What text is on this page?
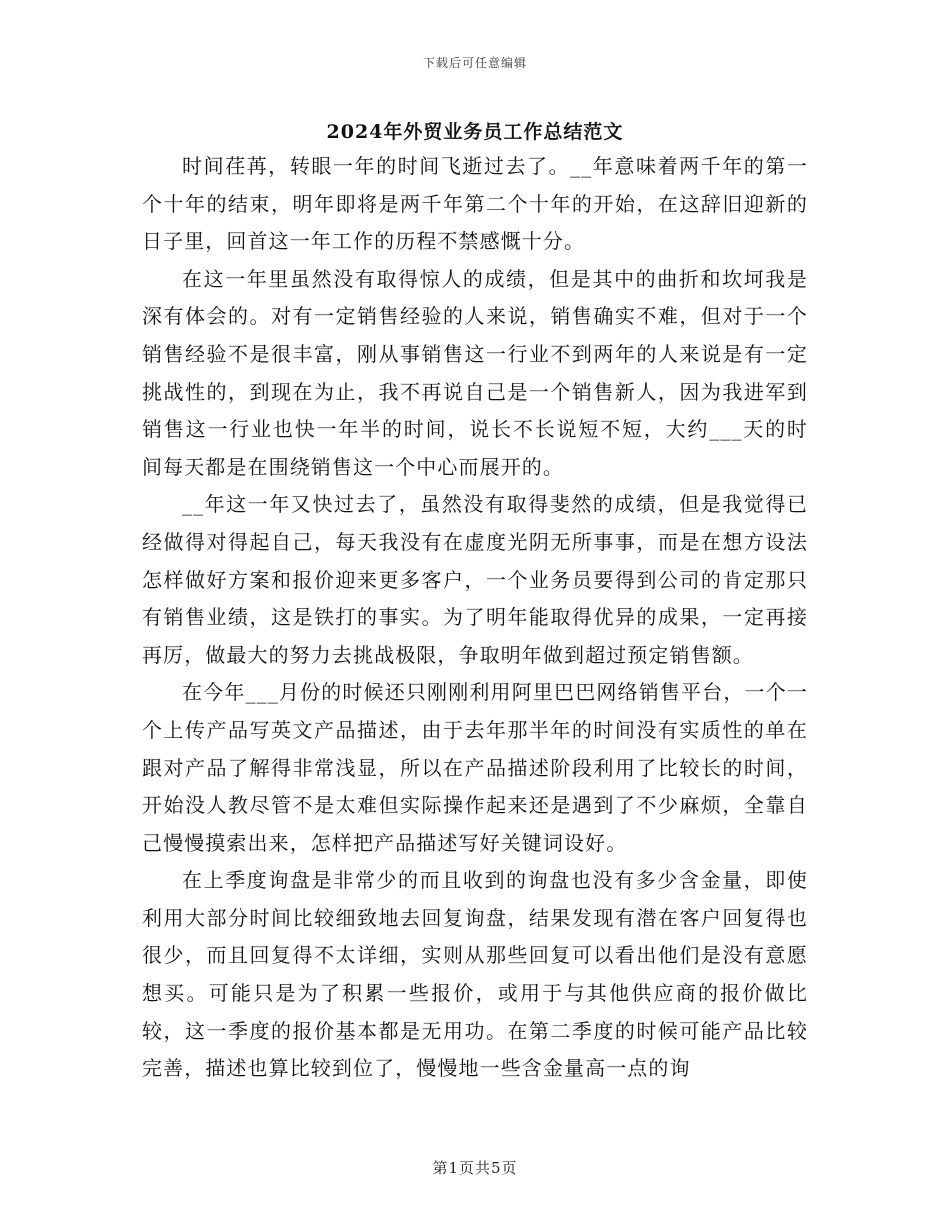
下载后可任意编辑
2024年外贸业务员工作总结范文

时间荏苒，转眼一年的时间飞逝过去了。__年意味着两千年的第一个十年的结束，明年即将是两千年第二个十年的开始，在这辞旧迎新的日子里，回首这一年工作的历程不禁感慨十分。

在这一年里虽然没有取得惊人的成绩，但是其中的曲折和坎坷我是深有体会的。对有一定销售经验的人来说，销售确实不难，但对于一个销售经验不是很丰富，刚从事销售这一行业不到两年的人来说是有一定挑战性的，到现在为止，我不再说自己是一个销售新人，因为我进军到销售这一行业也快一年半的时间，说长不长说短不短，大约___天的时间每天都是在围绕销售这一个中心而展开的。

__年这一年又快过去了，虽然没有取得斐然的成绩，但是我觉得已经做得对得起自己，每天我没有在虚度光阴无所事事，而是在想方设法怎样做好方案和报价迎来更多客户，一个业务员要得到公司的肯定那只有销售业绩，这是铁打的事实。为了明年能取得优异的成果，一定再接再厉，做最大的努力去挑战极限，争取明年做到超过预定销售额。

在今年___月份的时候还只刚刚利用阿里巴巴网络销售平台，一个一个上传产品写英文产品描述，由于去年那半年的时间没有实质性的单在跟对产品了解得非常浅显，所以在产品描述阶段利用了比较长的时间，开始没人教尽管不是太难但实际操作起来还是遇到了不少麻烦，全靠自己慢慢摸索出来，怎样把产品描述写好关键词设好。

在上季度询盘是非常少的而且收到的询盘也没有多少含金量，即使利用大部分时间比较细致地去回复询盘，结果发现有潜在客户回复得也很少，而且回复得不太详细，实则从那些回复可以看出他们是没有意愿想买。可能只是为了积累一些报价，或用于与其他供应商的报价做比较，这一季度的报价基本都是无用功。在第二季度的时候可能产品比较完善，描述也算比较到位了，慢慢地一些含金量高一点的询

第1页共5页
